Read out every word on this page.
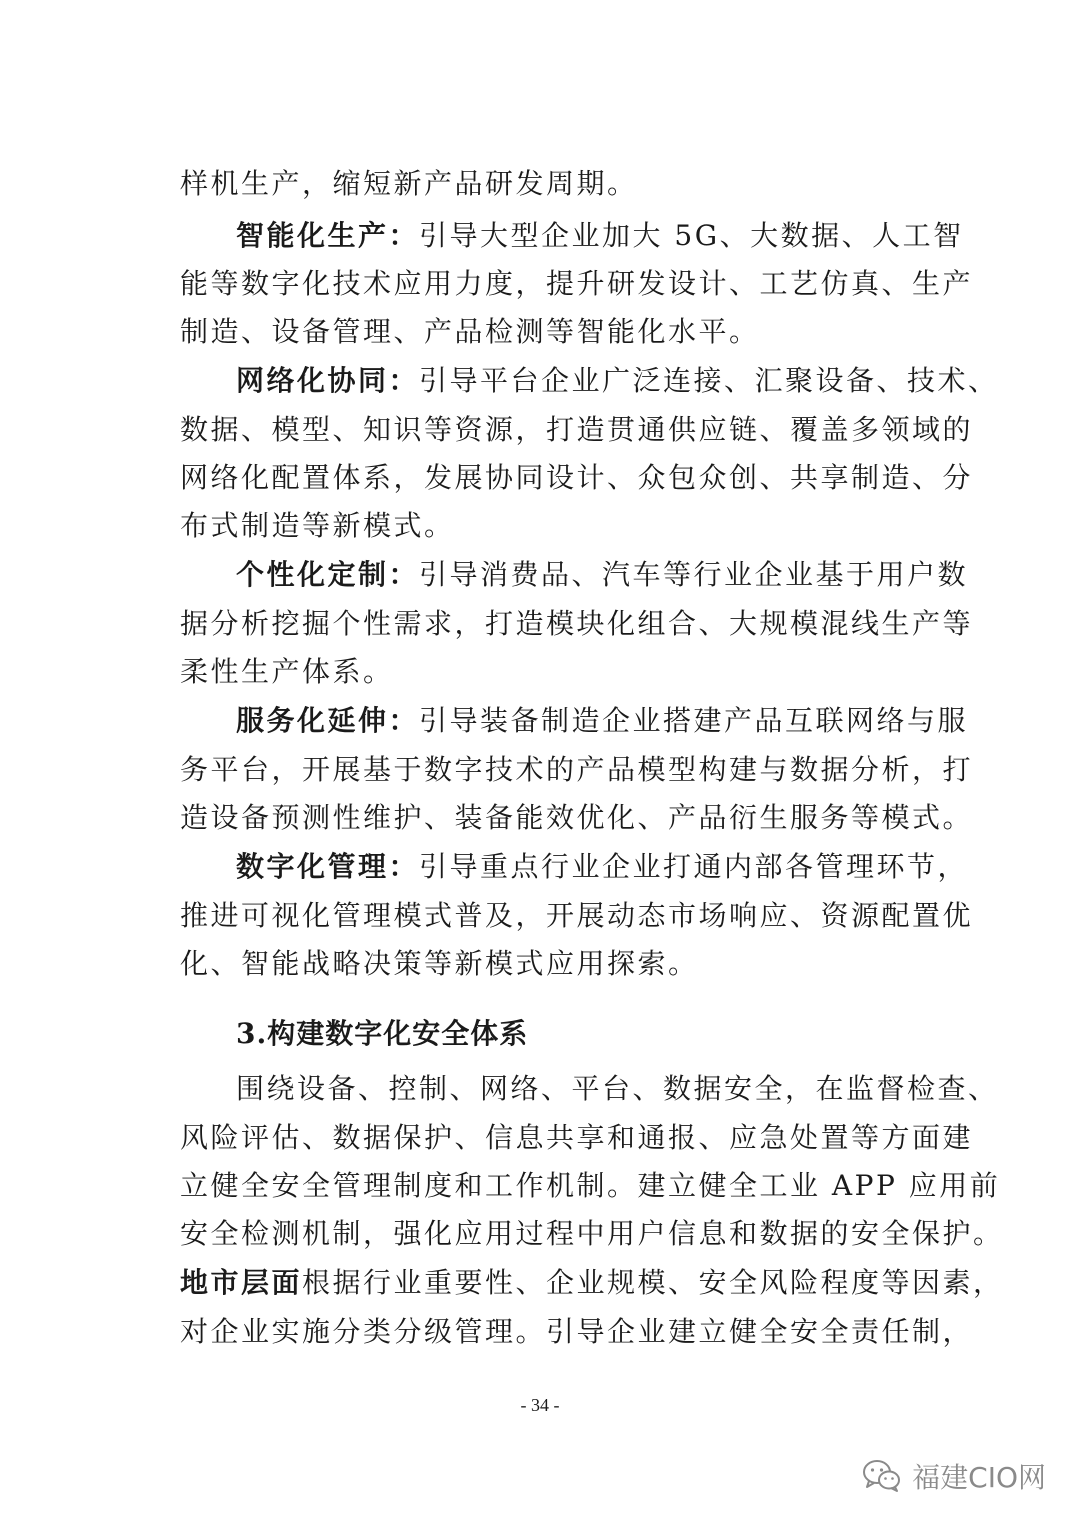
样机生产，缩短新产品研发周期。
智能化生产：引导大型企业加大 5G、大数据、人工智
能等数字化技术应用力度，提升研发设计、工艺仿真、生产
制造、设备管理、产品检测等智能化水平。
网络化协同：引导平台企业广泛连接、汇聚设备、技术、
数据、模型、知识等资源，打造贯通供应链、覆盖多领域的
网络化配置体系，发展协同设计、众包众创、共享制造、分
布式制造等新模式。
个性化定制：引导消费品、汽车等行业企业基于用户数
据分析挖掘个性需求，打造模块化组合、大规模混线生产等
柔性生产体系。
服务化延伸：引导装备制造企业搭建产品互联网络与服
务平台，开展基于数字技术的产品模型构建与数据分析，打
造设备预测性维护、装备能效优化、产品衍生服务等模式。
数字化管理：引导重点行业企业打通内部各管理环节，
推进可视化管理模式普及，开展动态市场响应、资源配置优
化、智能战略决策等新模式应用探索。
3.构建数字化安全体系
围绕设备、控制、网络、平台、数据安全，在监督检查、
风险评估、数据保护、信息共享和通报、应急处置等方面建
立健全安全管理制度和工作机制。建立健全工业 APP 应用前
安全检测机制，强化应用过程中用户信息和数据的安全保护。
地市层面根据行业重要性、企业规模、安全风险程度等因素，
对企业实施分类分级管理。引导企业建立健全安全责任制，
- 34 -
福建CIO网
